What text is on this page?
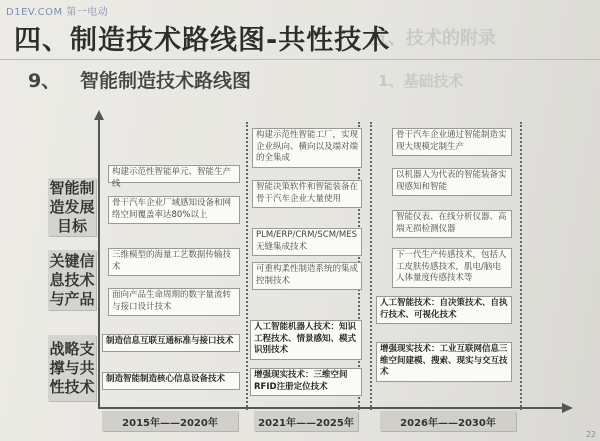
D1EV.COM 第一电动
五、技术的附录
1、基础技术
四、制造技术路线图-共性技术
9、 智能制造技术路线图
智能制造发展目标
关键信息技术与产品
战略支撑与共性技术
构建示范性智能单元、智能生产线
骨干汽车企业厂域感知设备和网络空间覆盖率达80%以上
三维模型的海量工艺数据传输技术
面向产品生命周期的数字量流转与接口设计技术
制造信息互联互通标准与接口技术
制造智能制造核心信息设备技术
构建示范性智能工厂，实现企业纵向、横向以及端对端的全集成
智能决策软件和智能装备在骨干汽车企业大量使用
PLM/ERP/CRM/SCM/MES无缝集成技术
可重构柔性制造系统的集成控制技术
人工智能机器人技术：知识工程技术、情景感知、模式识别技术
增强现实技术：三维空间RFID注册定位技术
骨干汽车企业通过智能制造实现大规模定制生产
以机器人为代表的智能装备实现感知和智能
智能仪表、在线分析仪器、高端无损检测仪器
下一代生产传感技术，包括人工皮肤传感技术，肌电/脑电人体量度传感技术等
人工智能技术：自决策技术、自执行技术、可视化技术
增强现实技术：工业互联网信息三维空间建模、搜索、现实与交互技术
2015年——2020年	2021年——2025年	2026年——2030年
22
